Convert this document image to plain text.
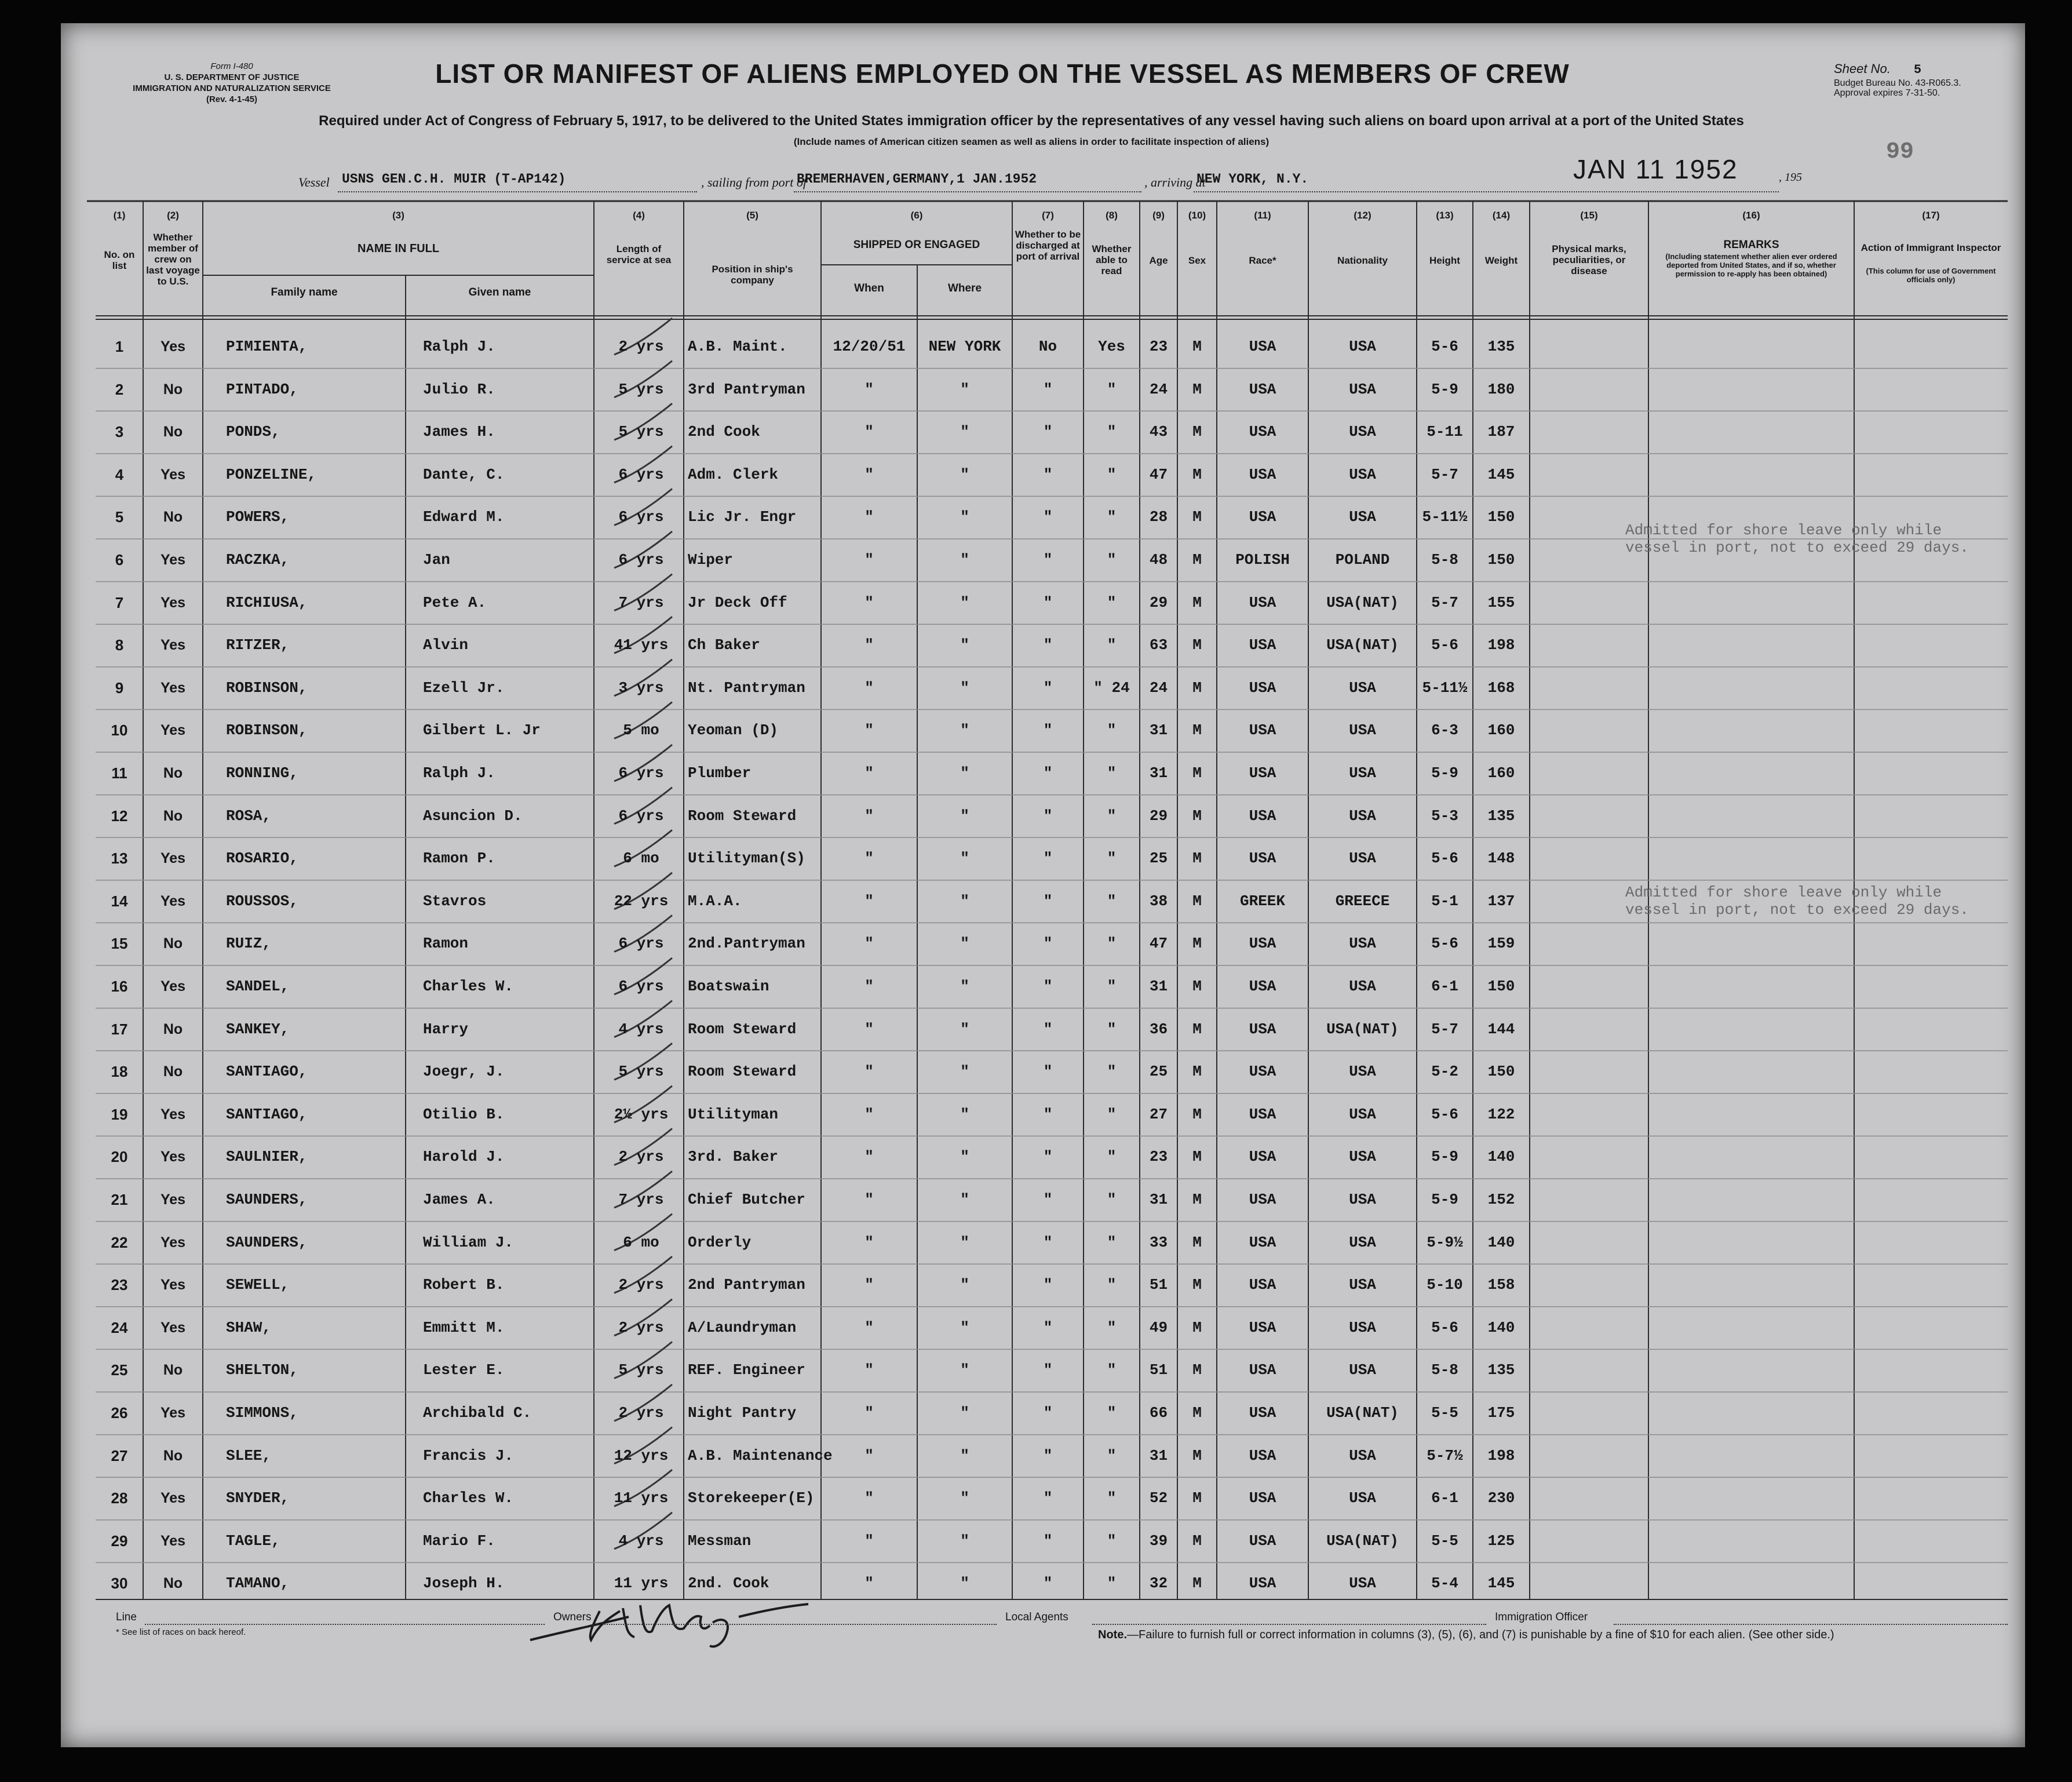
Form I-480
U. S. DEPARTMENT OF JUSTICE
IMMIGRATION AND NATURALIZATION SERVICE
(Rev. 4-1-45)
LIST OR MANIFEST OF ALIENS EMPLOYED ON THE VESSEL AS MEMBERS OF CREW
Required under Act of Congress of February 5, 1917, to be delivered to the United States immigration officer by the representatives of any vessel having such aliens on board upon arrival at a port of the United States
(Include names of American citizen seamen as well as aliens in order to facilitate inspection of aliens)
Sheet No. 5
Budget Bureau No. 43-R065.3.
Approval expires 7-31-50.
99
Vessel USNS GEN.C.H. MUIR (T-AP142)	, sailing from port of
BREMERHAVEN,GERMANY,1 JAN.1952	, arriving at
NEW YORK, N.Y.	JAN 11 1952	, 195
(1)
No. on list
(2)
Whether member of crew on last voyage to U.S.
(3)
NAME IN FULL
Family name	Given name
(4)
Length of service at sea
(5)
Position in ship's company
(6)
SHIPPED OR ENGAGED
When	Where
(7)
Whether to be discharged at port of arrival
(8)
Whether able to read
(9)
Age
(10)
Sex
(11)
Race*
(12)
Nationality
(13)
Height
(14)
Weight
(15)
Physical marks, peculiarities, or disease
(16)
REMARKS
(Including statement whether alien ever ordered deported from United States, and if so, whether permission to re-apply has been obtained)
(17)
Action of Immigrant Inspector
(This column for use of Government officials only)
1	Yes	PIMIENTA,	Ralph J.	2 yrs	A.B. Maint.	12/20/51	NEW YORK	No	Yes	23	M	USA	USA	5-6	135
2	No	PINTADO,	Julio R.	5 yrs	3rd Pantryman	"	"	"	"	24	M	USA	USA	5-9	180
3	No	PONDS,	James H.	5 yrs	2nd Cook	"	"	"	"	43	M	USA	USA	5-11	187
4	Yes	PONZELINE,	Dante, C.	6 yrs	Adm. Clerk	"	"	"	"	47	M	USA	USA	5-7	145
5	No	POWERS,	Edward M.	6 yrs	Lic Jr. Engr	"	"	"	"	28	M	USA	USA	5-11½	150
6	Yes	RACZKA,	Jan	6 yrs	Wiper	"	"	"	"	48	M	POLISH	POLAND	5-8	150
7	Yes	RICHIUSA,	Pete A.	7 yrs	Jr Deck Off	"	"	"	"	29	M	USA	USA(NAT)	5-7	155
8	Yes	RITZER,	Alvin	41 yrs	Ch Baker	"	"	"	"	63	M	USA	USA(NAT)	5-6	198
9	Yes	ROBINSON,	Ezell Jr.	3 yrs	Nt. Pantryman	"	"	"	" 24	24	M	USA	USA	5-11½	168
10	Yes	ROBINSON,	Gilbert L. Jr	5 mo	Yeoman (D)	"	"	"	"	31	M	USA	USA	6-3	160
11	No	RONNING,	Ralph J.	6 yrs	Plumber	"	"	"	"	31	M	USA	USA	5-9	160
12	No	ROSA,	Asuncion D.	6 yrs	Room Steward	"	"	"	"	29	M	USA	USA	5-3	135
13	Yes	ROSARIO,	Ramon P.	6 mo	Utilityman(S)	"	"	"	"	25	M	USA	USA	5-6	148
14	Yes	ROUSSOS,	Stavros	22 yrs	M.A.A.	"	"	"	"	38	M	GREEK	GREECE	5-1	137
15	No	RUIZ,	Ramon	6 yrs	2nd.Pantryman	"	"	"	"	47	M	USA	USA	5-6	159
16	Yes	SANDEL,	Charles W.	6 yrs	Boatswain	"	"	"	"	31	M	USA	USA	6-1	150
17	No	SANKEY,	Harry	4 yrs	Room Steward	"	"	"	"	36	M	USA	USA(NAT)	5-7	144
18	No	SANTIAGO,	Joegr, J.	5 yrs	Room Steward	"	"	"	"	25	M	USA	USA	5-2	150
19	Yes	SANTIAGO,	Otilio B.	2½ yrs	Utilityman	"	"	"	"	27	M	USA	USA	5-6	122
20	Yes	SAULNIER,	Harold J.	2 yrs	3rd. Baker	"	"	"	"	23	M	USA	USA	5-9	140
21	Yes	SAUNDERS,	James A.	7 yrs	Chief Butcher	"	"	"	"	31	M	USA	USA	5-9	152
22	Yes	SAUNDERS,	William J.	6 mo	Orderly	"	"	"	"	33	M	USA	USA	5-9½	140
23	Yes	SEWELL,	Robert B.	2 yrs	2nd Pantryman	"	"	"	"	51	M	USA	USA	5-10	158
24	Yes	SHAW,	Emmitt M.	2 yrs	A/Laundryman	"	"	"	"	49	M	USA	USA	5-6	140
25	No	SHELTON,	Lester E.	5 yrs	REF. Engineer	"	"	"	"	51	M	USA	USA	5-8	135
26	Yes	SIMMONS,	Archibald C.	2 yrs	Night Pantry	"	"	"	"	66	M	USA	USA(NAT)	5-5	175
27	No	SLEE,	Francis J.	12 yrs	A.B. Maintenance	"	"	"	"	31	M	USA	USA	5-7½	198
28	Yes	SNYDER,	Charles W.	11 yrs	Storekeeper(E)	"	"	"	"	52	M	USA	USA	6-1	230
29	Yes	TAGLE,	Mario F.	4 yrs	Messman	"	"	"	"	39	M	USA	USA(NAT)	5-5	125
30	No	TAMANO,	Joseph H.	11 yrs	2nd. Cook	"	"	"	"	32	M	USA	USA	5-4	145
Admitted for shore leave only while vessel in port, not to exceed 29 days.
Admitted for shore leave only while vessel in port, not to exceed 29 days.
Line	Owners	Local Agents	Immigration Officer
* See list of races on back hereof.	Note.—Failure to furnish full or correct information in columns (3), (5), (6), and (7) is punishable by a fine of $10 for each alien. (See other side.)
